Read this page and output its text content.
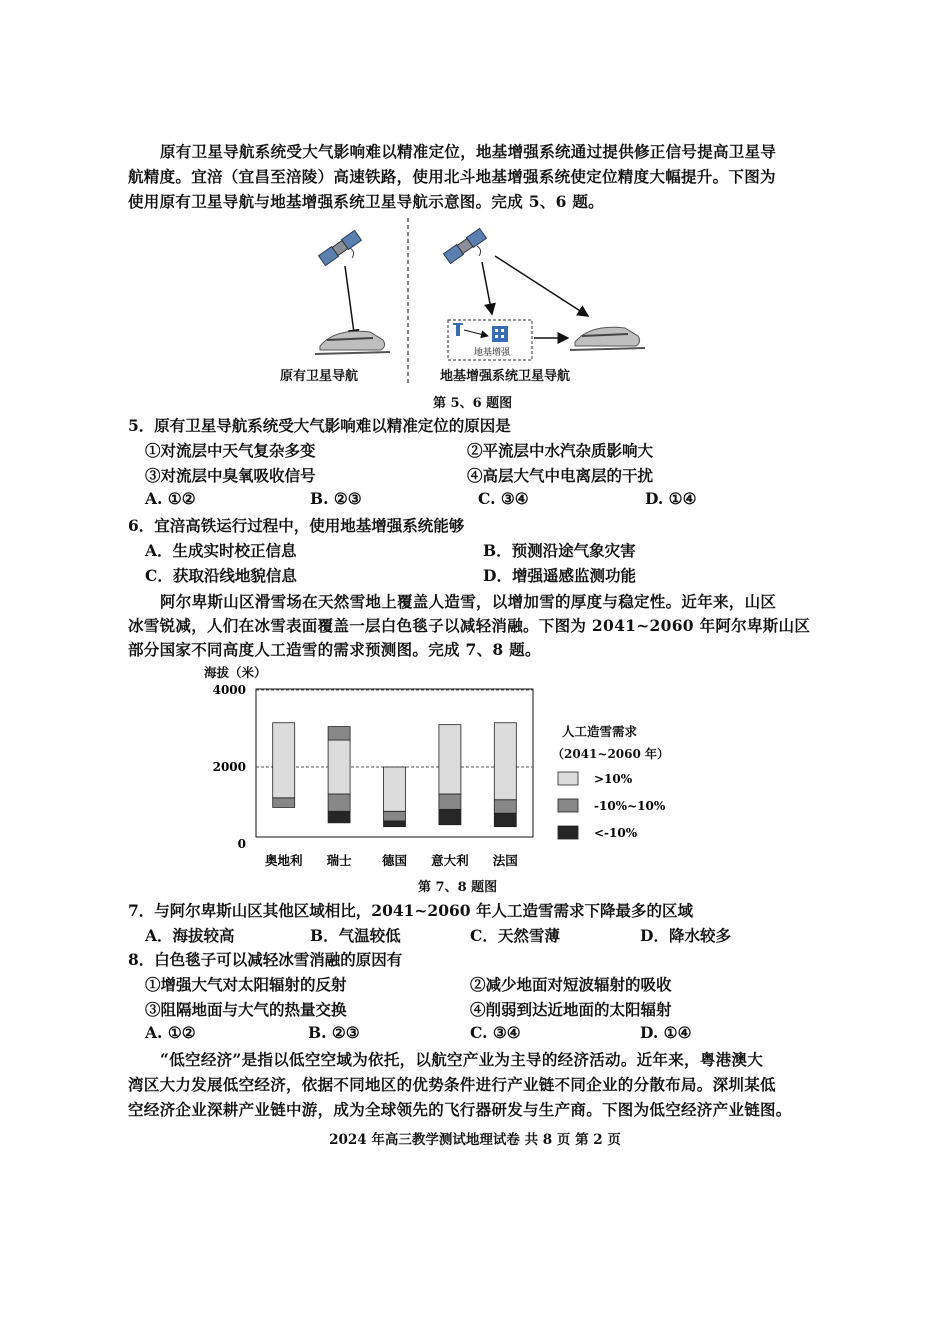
原有卫星导航系统受大气影响难以精准定位，地基增强系统通过提供修正信号提高卫星导
航精度。宜涪（宜昌至涪陵）高速铁路，使用北斗地基增强系统使定位精度大幅提升。下图为
使用原有卫星导航与地基增强系统卫星导航示意图。完成 5、6 题。
原有卫星导航
地基增强
地基增强系统卫星导航
第 5、6 题图
5．原有卫星导航系统受大气影响难以精准定位的原因是
①对流层中天气复杂多变	②平流层中水汽杂质影响大
③对流层中臭氧吸收信号	④高层大气中电离层的干扰
A. ①②	B. ②③	C. ③④	D. ①④
6．宜涪高铁运行过程中，使用地基增强系统能够
A．生成实时校正信息	B．预测沿途气象灾害
C．获取沿线地貌信息	D．增强遥感监测功能
阿尔卑斯山区滑雪场在天然雪地上覆盖人造雪，以增加雪的厚度与稳定性。近年来，山区
冰雪锐减，人们在冰雪表面覆盖一层白色毯子以减轻消融。下图为 2041~2060 年阿尔卑斯山区
部分国家不同高度人工造雪的需求预测图。完成 7、8 题。
海拔（米）
4000
2000
0
奥地利 瑞士 德国 意大利 法国
人工造雪需求
（2041~2060 年）
>10%
-10%~10%
<-10%
第 7、8 题图
7．与阿尔卑斯山区其他区域相比，2041~2060 年人工造雪需求下降最多的区域
A．海拔较高	B．气温较低	C．天然雪薄	D．降水较多
8．白色毯子可以减轻冰雪消融的原因有
①增强大气对太阳辐射的反射	②减少地面对短波辐射的吸收
③阻隔地面与大气的热量交换	④削弱到达近地面的太阳辐射
A. ①②	B. ②③	C. ③④	D. ①④
“低空经济”是指以低空空域为依托，以航空产业为主导的经济活动。近年来，粤港澳大
湾区大力发展低空经济，依据不同地区的优势条件进行产业链不同企业的分散布局。深圳某低
空经济企业深耕产业链中游，成为全球领先的飞行器研发与生产商。下图为低空经济产业链图。
2024 年高三教学测试地理试卷 共 8 页 第 2 页
